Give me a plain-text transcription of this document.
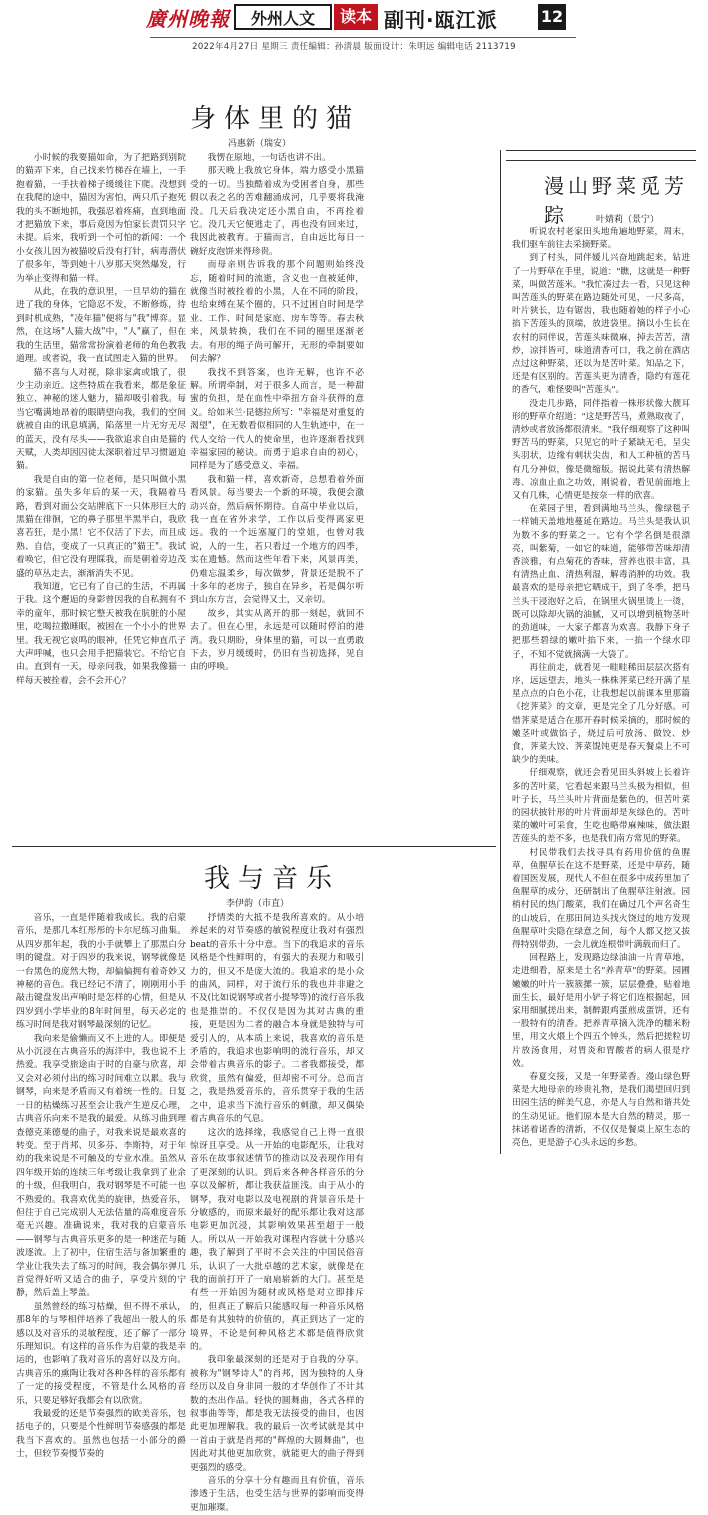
廣州晚報	外州人文	读本 副刊·瓯江派	12
2022年4月27日 星期三 责任编辑：孙淸晨 版面设计：朱明远 编辑电话 2113719
身体里的猫
冯惠新（瑞安）

小时候的我要猫如命，为了把路到别院的猫弄下来，自己找来竹梯吞在墙上，一手抱着猫，一手扶着梯子缓缓往下爬。没想到在我爬的途中，猫因为害怕，两只爪子抱死我的头不断地抓，我强忍着疼痛，直到地面才把猫放下来，事后竟因为怕家长责罚只字未提。后来，我听到一个可怕的新闻：一个小女孩儿因为被猫咬后没有打针，病毒潜伏了很多年，等到她十八岁那天突然爆发，行为举止变得和猫一样。

从此，在我的意识里，一旦早幼的猫在进了我的身体，它隐忍不发，不断修炼，待到时机成熟，"凌年猫"便将与"我"博弈。显然，在这场"人猫大战"中，"人"赢了，但在我的生活里，猫常常扮演着老师的角色教我道理。或者说，我一直试图走入猫的世界。

猫不喜与人对视，除非家禽或饿了，很少主动亲近。这些特质在我看来，都是象征独立、神秘的迷人魅力，猫却吸引着我。每当它嘴满地昂着的眼睛望向我，我们的空间就被自由的讯息填满，陷落里一片无穷无尽的蓝天，没有尽头——我欲追求自由是猫的天赋，人类却因囚徒太深职着过早习惯逼迫猫。

我是自由的第一位老师，是只叫做小黑的家猫。虽失多年后的某一天，我隔着马路，看到对面公交站牌底下一只体形巨大的黑猫在徘徊，它的鼻子那里半黑半白，我欣喜若狂，是小黑！它不仅活了下去，而且成熟、自信，变成了一只真正的"猫王"。我试着唤它，但它没有理睬我，而是朝着旁边茂盛的草丛走去，渐渐消失不见。

我知道，它已有了自己的生活，不再属于我。这个邂逅的身影曾因我的自私拥有不幸的童年，那时候它整天被我在肮脏的小屋里，吃喝拉撒睡眠，被困在一个小小的世界里。我无视它哀鸣的眼神，任凭它伸直爪子大声呼喊，也只会用手把猫装它。不给它自由。直到有一天，母亲问我，如果我像猫一样每天被拴着，会不会开心？

我愣在原地，一句话也讲不出。

那天晚上我放它身体，端力感受小黑猫受的一切。当独酷着成为受困者自身，那些假以表之名的苦难翻涌成河，几乎要将我淹没。几天后我决定还小黑自由，不再拴着它。没几天它便逃走了，再也没有回来过，我因此被教育。于猫而言，自由远比每日一碗好皮泡饼来得珍贵。

而母亲则告诉我的那个问题则始终没忘，随着时间的流逝，含义也一直被延伸，就像当时被拴着的小黑，人在不同的阶段，也给束缚在某个圈的，只不过困自时间是学业、工作、时间是家庭、房车等等。春去秋来，风景转换，我们在不同的圈里逐渐老去。有形的绳子尚可解开，无形的牵制要如何去解？

我找不到答案，也许无解，也许不必解。所谓牵制，对于很多人而言，是一种甜蜜的负担，是在血性中牵扭方奋斗获得的意义。给如米兰·昆德拉所写："幸福是对重复的渴望"，在无数看似相同的人生轨迹中，在一代人交给一代人的使命里，也许逐渐看找到幸福家园的秘诀。而勇于追求自由的初心，同样是为了感受意义、幸福。

我和猫一样，喜欢新奇，总想看着外面看风景。每当要去一个新的环境，我便会激动兴奋，然后病怀期待。自高中毕业以后，我一直在省外求学，工作以后变得离家更远。我的一个远塞厦门的堂姐，也曾对我说，人的一生，若只看过一个地方的四季，实在遗憾。然而这些年看下来，风景再美，仍难忘温柔乡，每次做梦，背景还是脱不了十多年的老房子，独自在异乡，若是偶尔听到山东方言，会觉得又土，又亲切。

故乡，其实从离开的那一刻起，就回不去了。但在心里，永远是可以随时停泊的港湾。我只期盼，身体里的猫，可以一直勇敢下去，岁月缓缓时，仍旧有当初选择，见自由的呼唤。

我与音乐
李伊韵（市直）

音乐，一直是伴随着我成长。我的启蒙音乐，是那几本红彤彤的卡尔尼练习曲集。从四岁那年起，我的小手就攀上了那黑白分明的键盘。对于四岁的我来说，钢琴就像是一台黑色的庞然大物，却偏偏拥有着奇妙又神秘的音色。我已经记不清了，刚刚用小手敲击键盘发出声响时是怎样的心情，但是从四岁到小学毕业的8年时间里，每天必定的练习时间是我对钢琴最深刻的记忆。

我向来是偷懒而又不上进的人。即便是从小沉浸在古典音乐的海洋中，我也说不上热爱。我享受旅途由于时的自豪与欣喜，却又会对必须付出的练习时间难立以累。我与钢琴，向来是矛盾而又有着统一性的。日复一日的枯燥练习甚至会让我产生逆反心理，古典音乐向来不是我的最爱。从练习曲到理查德克莱德曼的曲子，对我来说是最欢喜的转变。至于肖邦、贝多芬、李斯特，对于年幼的我来说是不可触及的专业水准。虽然从四年级开始的连续三年考级让我拿到了业余的十级，但我明白，我对钢琴是不可能一也不熟爱的。我喜欢优美的旋律，热爱音乐，但往于自己完成别人无法估量的高难度音乐毫无兴趣。准确说来，我对我的启蒙音乐——钢琴与古典音乐更多的是一种迷茫与随波逐流。上了初中，住宿生活与备加繁重的学业让我失去了练习的时间，我会偶尔弹几首觉得好听又适合的曲子，享受片刻的宁静，然后盖上琴盖。

虽然曾经的练习枯燥，但不得不承认，那8年的与琴相伴培养了我超出一般人的乐感以及对音乐的灵敏程度，还了解了一部分乐理知识。有这样的音乐作为启蒙的我是幸运的，也影响了我对音乐的喜好以及方向。古典音乐的熏陶让我对各种各样的音乐都有了一定的接受程度，不管是什么风格的音乐，只要足够好我都会有以欣赏。

我最爱的还是节奏强烈的欧美音乐，包括电子的，只要是个性鲜明节奏感强的都是我当下喜欢的。虽然也包括一小部分的爵士，但较节奏慢节奏的

抒情类的大抵不是我所喜欢的。从小培养起来的对节奏感的敏锐程度让我对有强烈beat的音乐十分中意。当下的我追求的音乐风格是个性鲜明的，有强大的表现力和吸引力的，但又不是庞大流的。我追求的是小众的曲风，同样，对于流行乐的我也并非避之不及(比如说钢琴或者小提琴等)的流行音乐我也是推崇的。不仅仅是因为其对古典的重接，更是因为二者的融合本身就是独特与可爱引人的，从本质上来说，我喜欢的音乐是矛盾的，我追求也影响明的流行音乐，却又会带着古典音乐的影子。二者我都接受，都欣赏，虽然有偏爱，但却密不可分。总而言之，我是热爱音乐的，音乐贯穿于我的生活之中，追求当下流行音乐的刺激，却又偶染着古典音乐的气息。

这次的选择缘，我感觉自己上得一直很惊讶且享受。从一开始的电影配乐，让我对音乐在故事叙述情节的推动以及表现作用有了更深刻的认识。到后来各种各样音乐的分享以及解析，都让我获益匪浅。由于从小的钢琴，我对电影以及电视剧的背景音乐是十分敏感的，而原来最好的配乐都让我对这部电影更加沉浸，其影响效果甚至超于一般人。所以从一开始我对课程内容就十分感兴趣，我了解到了平时不会关注的中国民俗音乐，认识了一大批卓越的艺术家，就像是在我的面前打开了一扇扇崭新的大门。甚至是有些一开始因为随材或风格是对立即排斥的，但真正了解后只能感叹每一种音乐风格都是有其独特的价值的，真正到达了一定的境界，不论是何种风格艺术都是值得欣赏的。

我印象最深刻的还是对于自我的分享。被称为"钢琴诗人"的肖邦，因为独特的人身经历以及自身非同一般的才华创作了不计其数的杰出作品。轻快的圆舞曲，各式各样的叙事曲等等，都是我无法接受的曲目，也因此更加理解我。我的最后一次考试就是其中一首由于就是肖邦的"辉煌的大圆舞曲"，也因此对其他更加欣赏，就能更大的曲子得到更强烈的感受。

音乐的分享十分有趣而且有价值，音乐渗透于生活，也受生活与世界的影响而变得更加璀璨。

漫山野菜觅芳踪	叶婧莉（景宁）

听说农村老家田头地角遍地野菜，周末，我们驱车前往去采摘野菜。

到了村头，同伴媛儿兴奋地跳起来，钻进了一片野草在手里，说道："瞧，这就是一种野菜，叫做苦莲米。"我忙凑过去一看，只见这种叫苦莲头的野菜在路边随处可见，一尺多高，叶片狭长，边有锯齿，我也随着她的样子小心掐下苦莲头的顶端，放进袋里。摘以小生长在农村的同伴说，苦莲头味微麻，掉去苦苦，清炒，凉拌皆可，味道清香可口，我之前在酒店点过这种野菜，还以为是苦叶菜。知品之下，还是有区别的。苦莲头更为清香，隐约有莲花的香气，难怪要叫"苦莲头"。

没走几步路，同伴指着一株形状像大靓耳形的野草介绍道："这是野苦马，煮熟取夜了，清炒或者放汤都很清来。"我仔细观察了这种叫野苦马的野菜，只见它的叶子紧缺无毛，呈尖头羽状，边缘有刺状尖齿，和人工种植的苦马有几分神似，像是微缩版。据说此菜有清热解毒、凉血止血之功效，刚说着，看见前面地上又有几株，心情更是按奈一样的欣喜。

在菜园子里，看到满地马兰头，像绿毯子一样铺天盖地地蔓延在路边。马兰头是我认识为数不多的野菜之一。它有个学名倒是很漂亮，叫紫菊，一如它的味道，能够带苦味却清香淡雅，有点菊花的香味，营养也很丰富，具有清热止血、清热利湿，解毒消肿的功效。我最喜欢的是母亲把它晒成干，到了冬季，把马兰头干浸泡好之后，在锅里火锅里烫上一烫，既可以除却火锅的油腻，又可以增到植物茎叶的劲道味，一大家子都喜为欢喜。我静下身子把那些碧绿的嫩叶掐下来，一掐一个绿水印子，不知不觉就摘满一大袋了。

再往前走，就看见一畦畦稀田层层次搭有序，远远望去，地头一株株荠菜已经开满了星星点点的白色小花，让我想起以前课本里那篇《挖荠菜》的文章，更是完全了几分好感。可惜荠菜是适合在那开春时候采摘的，那时候的嫩茎叶或做馅子，烧过后可放汤、做饺、炒食，荠菜大饺、荠菜馄饨更是春天餐桌上不可缺少的美味。

仔细观察，就还会看见田头斜坡上长着许多的苦叶菜，它看起来跟马兰头极为相似，但叶子长，马兰头叶片背面是紫色的，但苦叶菜的园状披针形的叶片背面却是灰绿色的。苦叶菜的嫩叶可采食，生吃也略带麻辣味，做法跟苦莲头的差不多，也是我们南方常见的野菜。

村民带我们去找寻具有药用价值的鱼腥草，鱼腥草长在这不是野菜，还是中草药，随着国医发展，现代人不但在很多中成药里加了鱼腥草的成分，还研制出了鱼腥草注射液。园梢村民的热门酸菜，我们在确过几个声名奇生的山坡后，在那田间边头找火饶过的地方发现鱼腥草叶尖隐在绿意之间，每个人都又挖又拔得特别带劲，一会儿就连根带叶满载而归了。

回程路上，发现路边绿油油一片青草地，走进细看，原来是土名"养青草"的野菜。园圃嫩嫩的叶片一簇簇摞一簇，层层叠叠，贴着地面生长，最好是用小铲子将它们连根掘起，回家用细腻搓出来，制醉跟鸡蛋煎成蛋饼，还有一股特有的清香。把养青草摘入洗净的糯米粉里，用文火煨上个四五个钟头，然后把搓粒切片放汤食用，对胃炎和胃酸者的病人很是疗效。

春夏交接，又是一年野菜香。漫山绿色野菜是大地母亲的珍贵礼物，是我们渴望回归到田园生活的鲜美气息，亦是人与自然和谐共处的生动见证。他们原本是大自然的精灵，那一抹诺着诺香的清新，不仅仅是餐桌上原生态的亮色，更是游子心头永远的乡愁。
